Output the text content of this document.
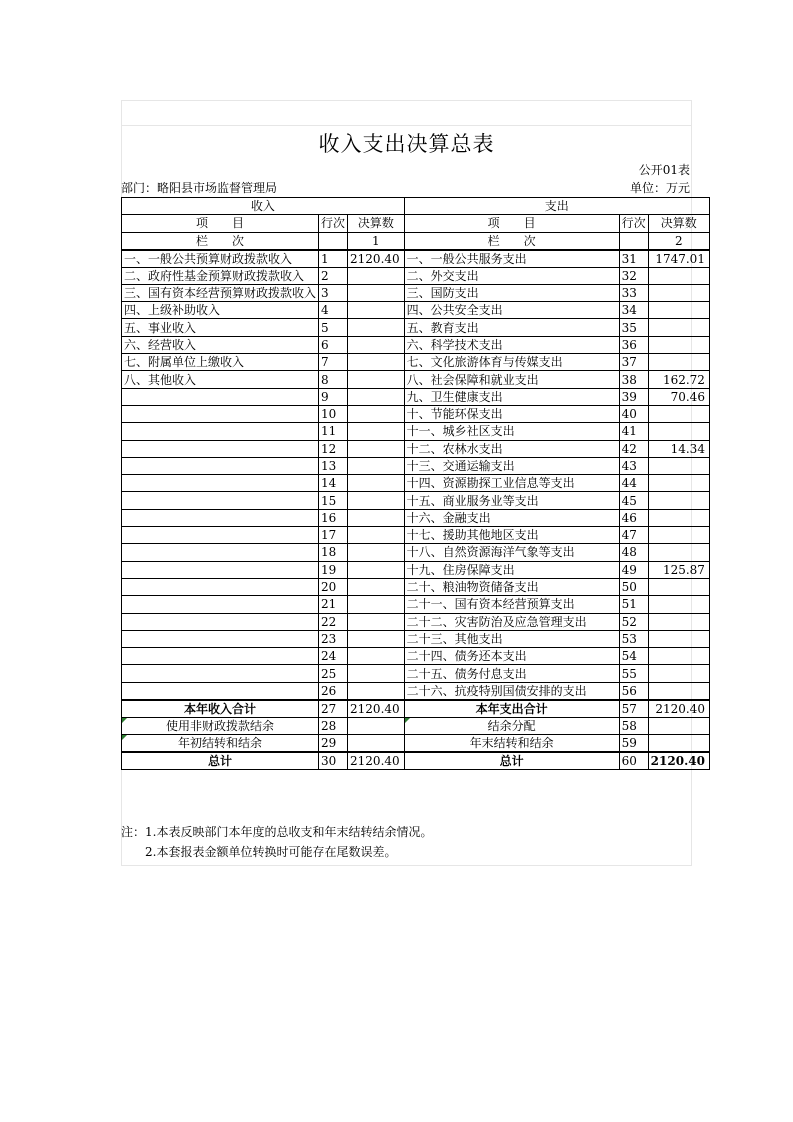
收入支出决算总表
公开01表
部门：略阳县市场监督管理局	单位：万元
收入			支出		
项　　目	行次	决算数	项　　目	行次	决算数
栏　　次		1	栏　　次		2
一、一般公共预算财政拨款收入	1	2120.40	一、一般公共服务支出	31	1747.01
二、政府性基金预算财政拨款收入	2		二、外交支出	32	
三、国有资本经营预算财政拨款收入	3		三、国防支出	33	
四、上级补助收入	4		四、公共安全支出	34	
五、事业收入	5		五、教育支出	35	
六、经营收入	6		六、科学技术支出	36	
七、附属单位上缴收入	7		七、文化旅游体育与传媒支出	37	
八、其他收入	8		八、社会保障和就业支出	38	162.72
	9		九、卫生健康支出	39	70.46
	10		十、节能环保支出	40	
	11		十一、城乡社区支出	41	
	12		十二、农林水支出	42	14.34
	13		十三、交通运输支出	43	
	14		十四、资源勘探工业信息等支出	44	
	15		十五、商业服务业等支出	45	
	16		十六、金融支出	46	
	17		十七、援助其他地区支出	47	
	18		十八、自然资源海洋气象等支出	48	
	19		十九、住房保障支出	49	125.87
	20		二十、粮油物资储备支出	50	
	21		二十一、国有资本经营预算支出	51	
	22		二十二、灾害防治及应急管理支出	52	
	23		二十三、其他支出	53	
	24		二十四、债务还本支出	54	
	25		二十五、债务付息支出	55	
	26		二十六、抗疫特别国债安排的支出	56	
本年收入合计	27	2120.40	本年支出合计	57	2120.40
使用非财政拨款结余	28		结余分配	58	
年初结转和结余	29		年末结转和结余	59	
总计	30	2120.40	总计	60	2120.40
注：1.本表反映部门本年度的总收支和年末结转结余情况。
2.本套报表金额单位转换时可能存在尾数误差。
